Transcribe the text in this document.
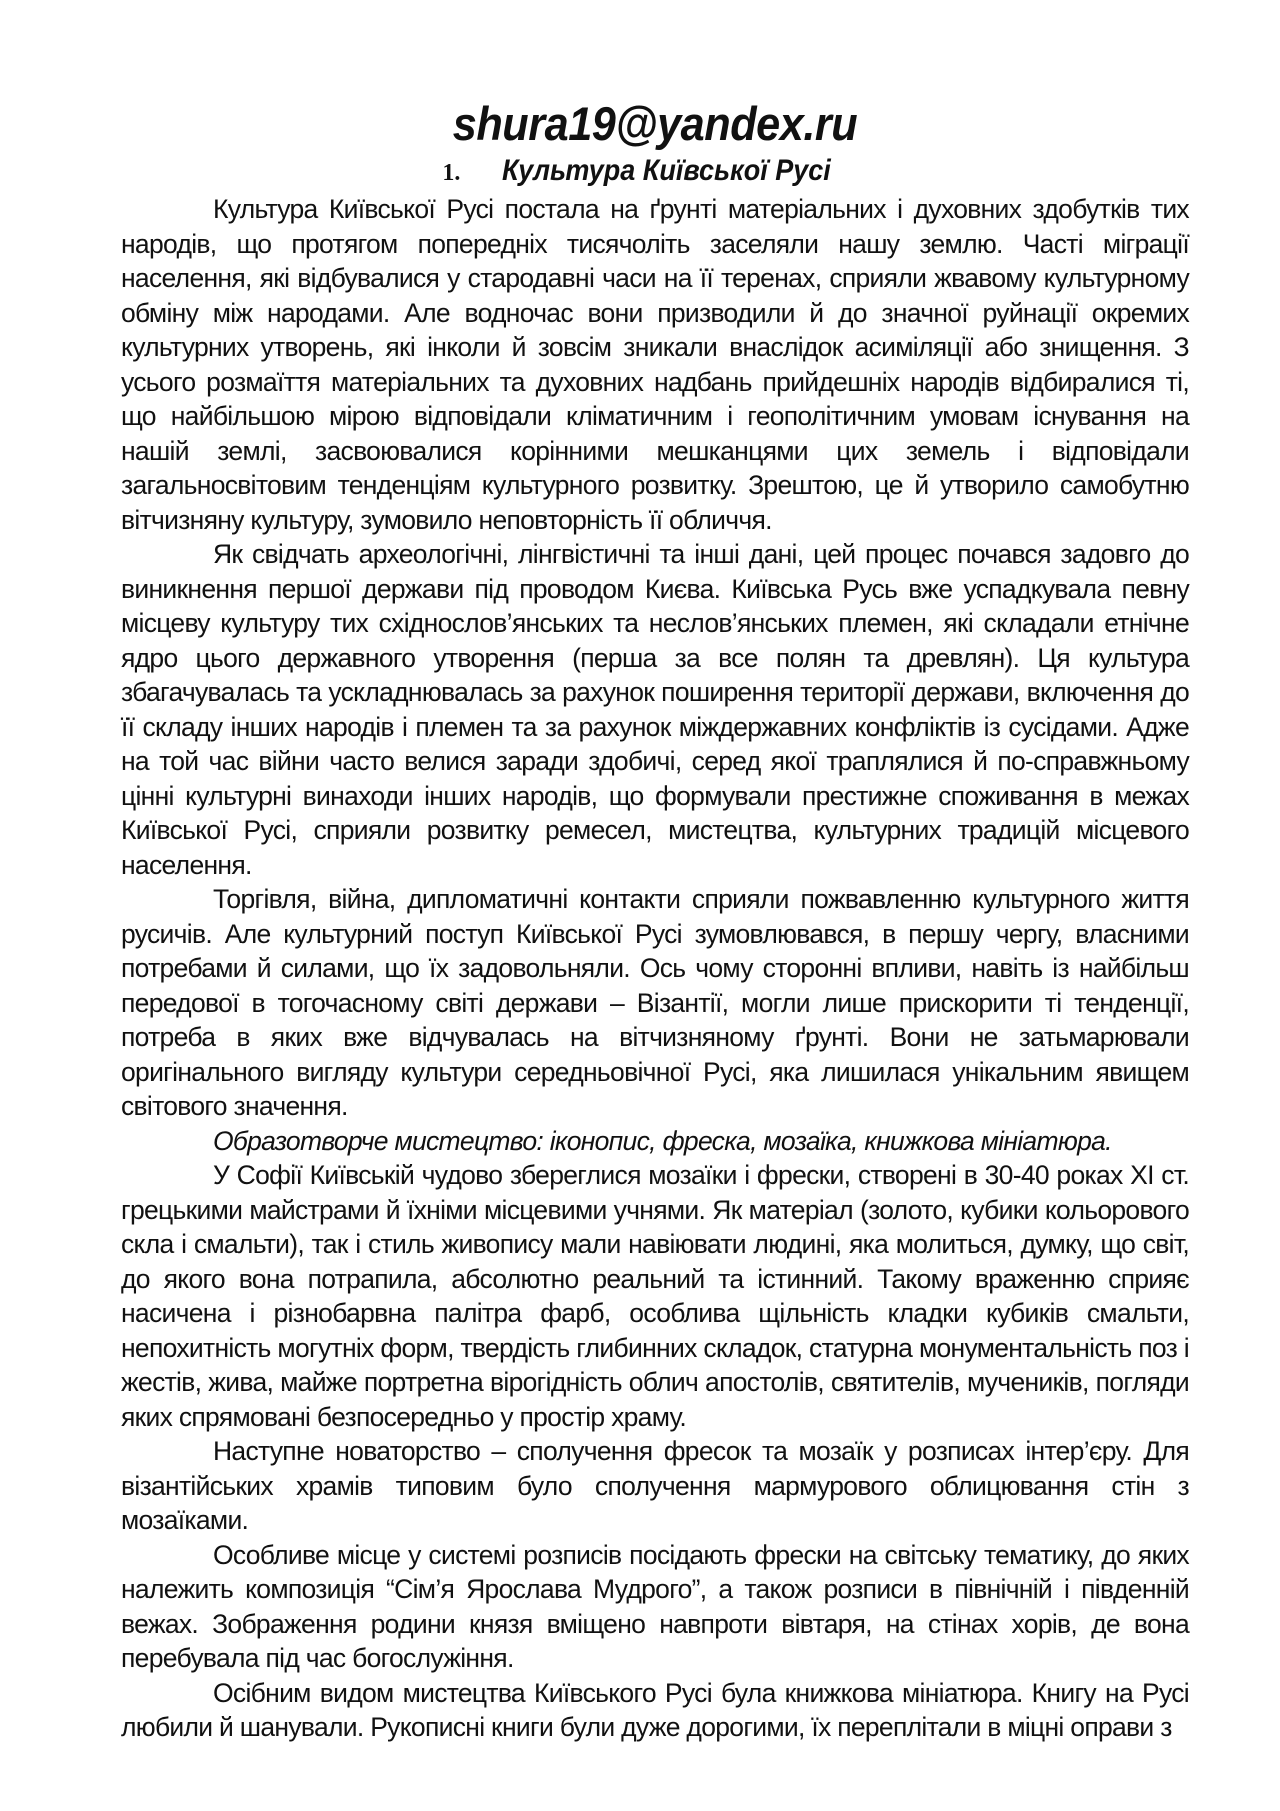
shura19@yandex.ru
1. Культура Київської Русі

Культура Київської Русі постала на ґрунті матеріальних і духовних здобутків тих народів, що протягом попередніх тисячоліть заселяли нашу землю. Часті міграції населення, які відбувалися у стародавні часи на її теренах, сприяли жвавому культурному обміну між народами. Але водночас вони призводили й до значної руйнації окремих культурних утворень, які інколи й зовсім зникали внаслідок асиміляції або знищення. З усього розмаїття матеріальних та духовних надбань прийдешніх народів відбиралися ті, що найбільшою мірою відповідали кліматичним і геополітичним умовам існування на нашій землі, засвоювалися корінними мешканцями цих земель і відповідали загальносвітовим тенденціям культурного розвитку. Зрештою, це й утворило самобутню вітчизняну культуру, зумовило неповторність її обличчя.

Як свідчать археологічні, лінгвістичні та інші дані, цей процес почався задовго до виникнення першої держави під проводом Києва. Київська Русь вже успадкувала певну місцеву культуру тих східнослов’янських та неслов’янських племен, які складали етнічне ядро цього державного утворення (перша за все полян та древлян). Ця культура збагачувалась та ускладнювалась за рахунок поширення території держави, включення до її складу інших народів і племен та за рахунок міждержавних конфліктів із сусідами. Адже на той час війни часто велися заради здобичі, серед якої траплялися й по-справжньому цінні культурні винаходи інших народів, що формували престижне споживання в межах Київської Русі, сприяли розвитку ремесел, мистецтва, культурних традицій місцевого населення.

Торгівля, війна, дипломатичні контакти сприяли пожвавленню культурного життя русичів. Але культурний поступ Київської Русі зумовлювався, в першу чергу, власними потребами й силами, що їх задовольняли. Ось чому сторонні впливи, навіть із найбільш передової в тогочасному світі держави – Візантії, могли лише прискорити ті тенденції, потреба в яких вже відчувалась на вітчизняному ґрунті. Вони не затьмарювали оригінального вигляду культури середньовічної Русі, яка лишилася унікальним явищем світового значення.

Образотворче мистецтво: іконопис, фреска, мозаїка, книжкова мініатюра.

У Софії Київській чудово збереглися мозаїки і фрески, створені в 30-40 роках XI ст. грецькими майстрами й їхніми місцевими учнями. Як матеріал (золото, кубики кольорового скла і смальти), так і стиль живопису мали навіювати людині, яка молиться, думку, що світ, до якого вона потрапила, абсолютно реальний та істинний. Такому враженню сприяє насичена і різнобарвна палітра фарб, особлива щільність кладки кубиків смальти, непохитність могутніх форм, твердість глибинних складок, статурна монументальність поз і жестів, жива, майже портретна вірогідність облич апостолів, святителів, мучеників, погляди яких спрямовані безпосередньо у простір храму.

Наступне новаторство – сполучення фресок та мозаїк у розписах інтер’єру. Для візантійських храмів типовим було сполучення мармурового облицювання стін з мозаїками.

Особливе місце у системі розписів посідають фрески на світську тематику, до яких належить композиція “Сім’я Ярослава Мудрого”, а також розписи в північній і південній вежах. Зображення родини князя вміщено навпроти вівтаря, на стінах хорів, де вона перебувала під час богослужіння.

Осібним видом мистецтва Київського Русі була книжкова мініатюра. Книгу на Русі любили й шанували. Рукописні книги були дуже дорогими, їх переплітали в міцні оправи з
